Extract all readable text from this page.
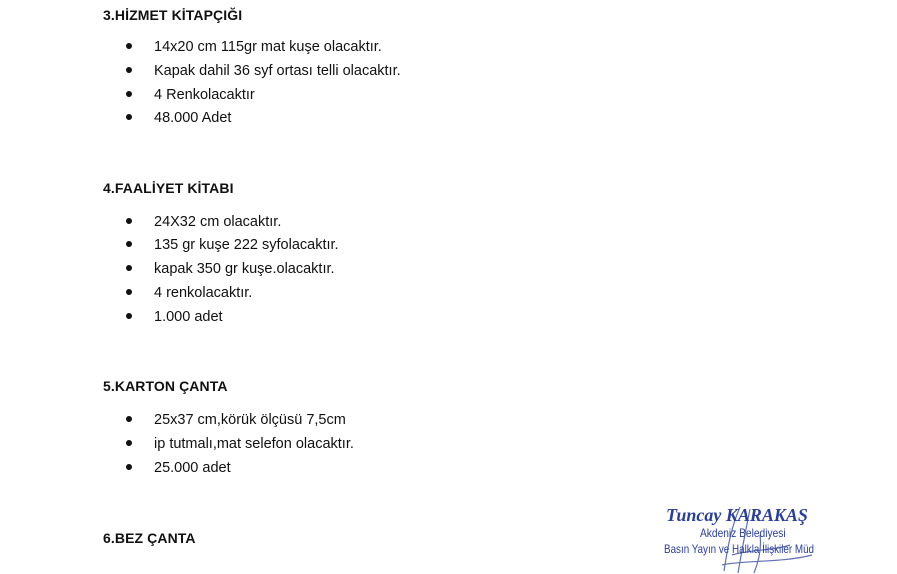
3.HİZMET KİTAPÇIĞI
14x20 cm 115gr mat kuşe olacaktır.
Kapak dahil 36 syf ortası telli olacaktır.
4 Renkolacaktır
48.000 Adet
4.FAALİYET KİTABI
24X32 cm olacaktır.
135 gr kuşe 222 syfolacaktır.
kapak 350 gr kuşe.olacaktır.
4 renkolacaktır.
1.000 adet
5.KARTON ÇANTA
25x37 cm,körük ölçüsü 7,5cm
ip tutmalı,mat selefon olacaktır.
25.000 adet
6.BEZ ÇANTA
Tuncay KARAKAŞ
Akdeniz Belediyesi
Basın Yayın ve Halkla İlişkiler Müd
